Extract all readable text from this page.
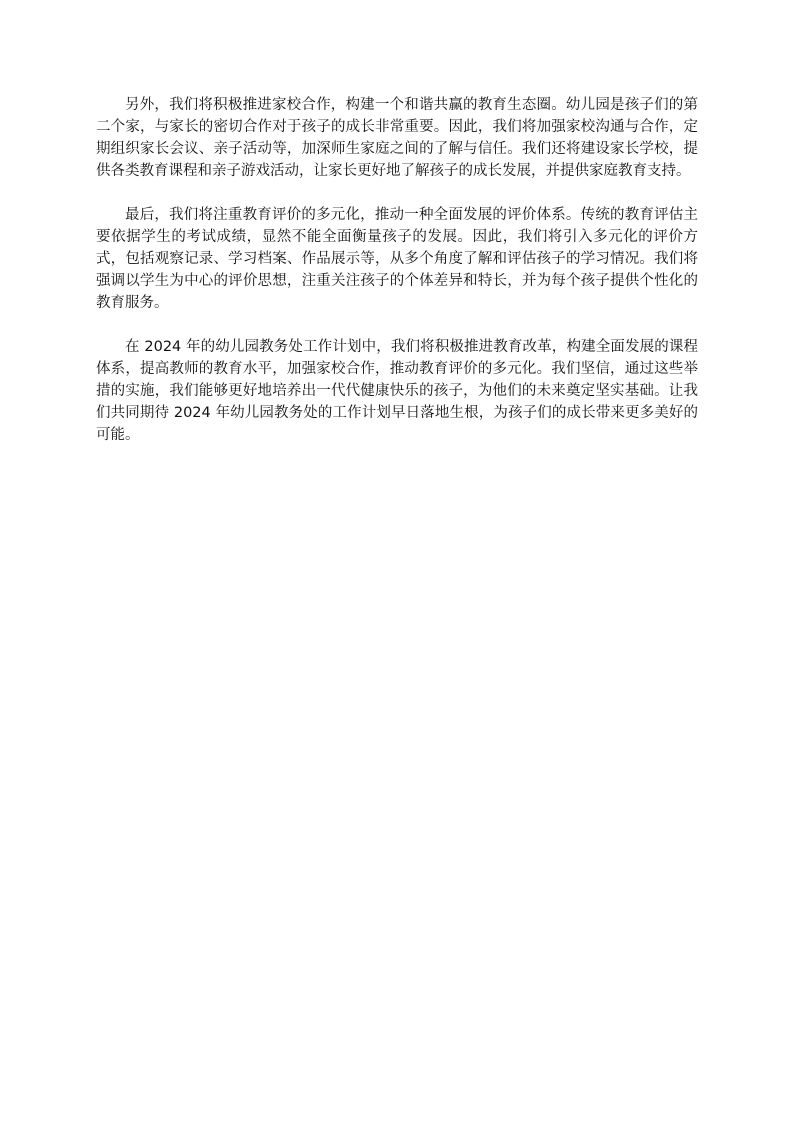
另外，我们将积极推进家校合作，构建一个和谐共赢的教育生态圈。幼儿园是孩子们的第二个家，与家长的密切合作对于孩子的成长非常重要。因此，我们将加强家校沟通与合作，定期组织家长会议、亲子活动等，加深师生家庭之间的了解与信任。我们还将建设家长学校，提供各类教育课程和亲子游戏活动，让家长更好地了解孩子的成长发展，并提供家庭教育支持。

最后，我们将注重教育评价的多元化，推动一种全面发展的评价体系。传统的教育评估主要依据学生的考试成绩，显然不能全面衡量孩子的发展。因此，我们将引入多元化的评价方式，包括观察记录、学习档案、作品展示等，从多个角度了解和评估孩子的学习情况。我们将强调以学生为中心的评价思想，注重关注孩子的个体差异和特长，并为每个孩子提供个性化的教育服务。

在 2024 年的幼儿园教务处工作计划中，我们将积极推进教育改革，构建全面发展的课程体系，提高教师的教育水平，加强家校合作，推动教育评价的多元化。我们坚信，通过这些举措的实施，我们能够更好地培养出一代代健康快乐的孩子，为他们的未来奠定坚实基础。让我们共同期待 2024 年幼儿园教务处的工作计划早日落地生根，为孩子们的成长带来更多美好的可能。
